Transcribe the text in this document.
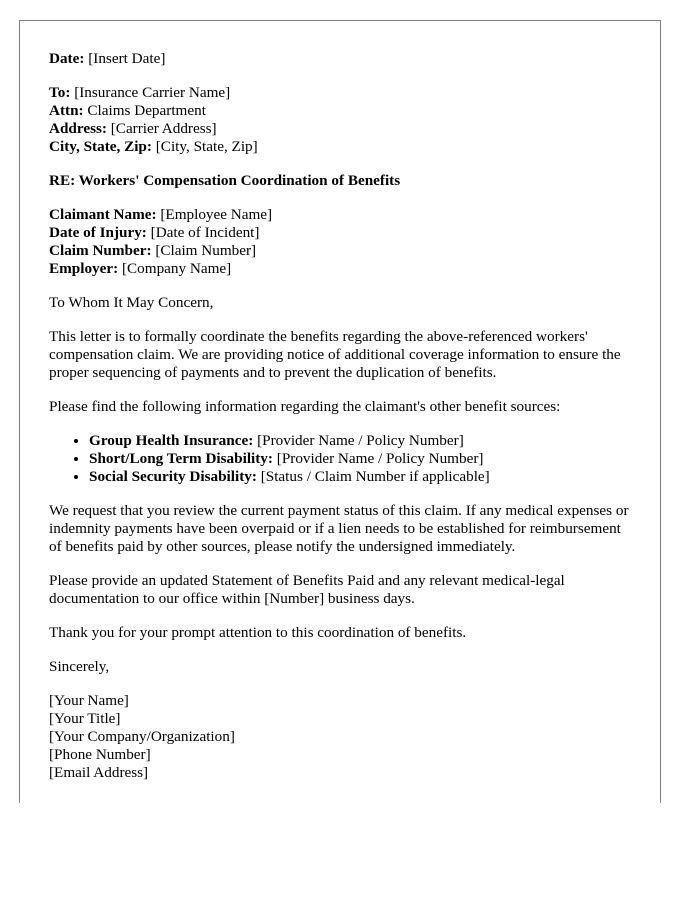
Date: [Insert Date]
To: [Insurance Carrier Name]
Attn: Claims Department
Address: [Carrier Address]
City, State, Zip: [City, State, Zip]
RE: Workers' Compensation Coordination of Benefits
Claimant Name: [Employee Name]
Date of Injury: [Date of Incident]
Claim Number: [Claim Number]
Employer: [Company Name]

To Whom It May Concern,

This letter is to formally coordinate the benefits regarding the above-referenced workers' compensation claim. We are providing notice of additional coverage information to ensure the proper sequencing of payments and to prevent the duplication of benefits.

Please find the following information regarding the claimant's other benefit sources:

• Group Health Insurance: [Provider Name / Policy Number]
• Short/Long Term Disability: [Provider Name / Policy Number]
• Social Security Disability: [Status / Claim Number if applicable]

We request that you review the current payment status of this claim. If any medical expenses or indemnity payments have been overpaid or if a lien needs to be established for reimbursement of benefits paid by other sources, please notify the undersigned immediately.

Please provide an updated Statement of Benefits Paid and any relevant medical-legal documentation to our office within [Number] business days.

Thank you for your prompt attention to this coordination of benefits.

Sincerely,

[Your Name]
[Your Title]
[Your Company/Organization]
[Phone Number]
[Email Address]
